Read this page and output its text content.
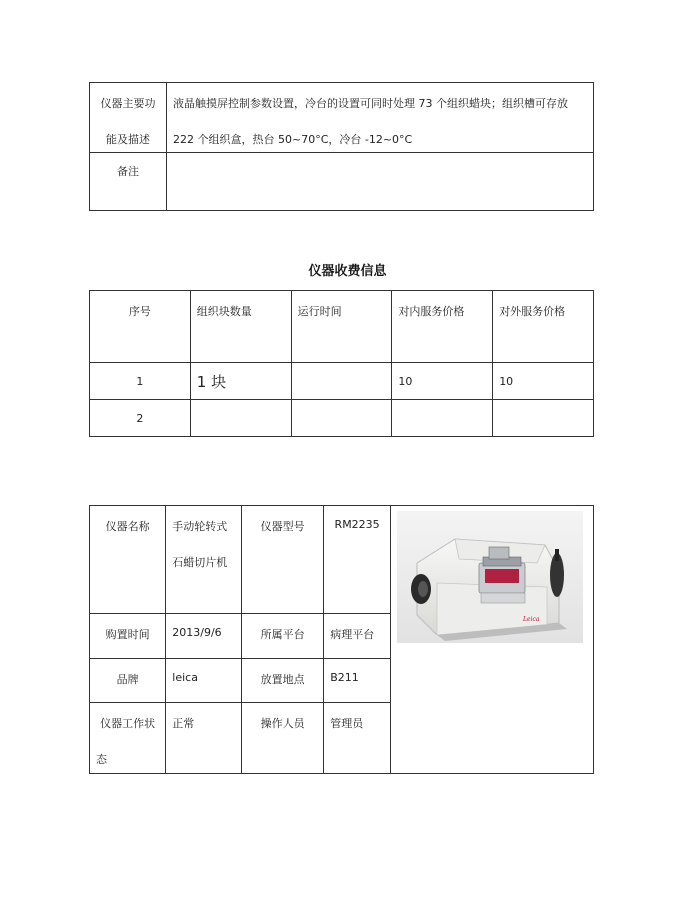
仪器主要功
能及描述	液晶触摸屏控制参数设置，冷台的设置可同时处理 73 个组织蜡块；组织槽可存放
222 个组织盒，热台 50~70°C，冷台 -12~0°C

备注	

仪器收费信息
序号	组织块数量	运行时间	对内服务价格	对外服务价格

1	1 块		10	10

2				

仪器名称	手动轮转式
石蜡切片机	仪器型号	RM2235	Leica

购置时间	2013/9/6	所属平台	病理平台	

品牌	leica	放置地点	B211	

仪器工作状
态	正常	操作人员	管理员	
